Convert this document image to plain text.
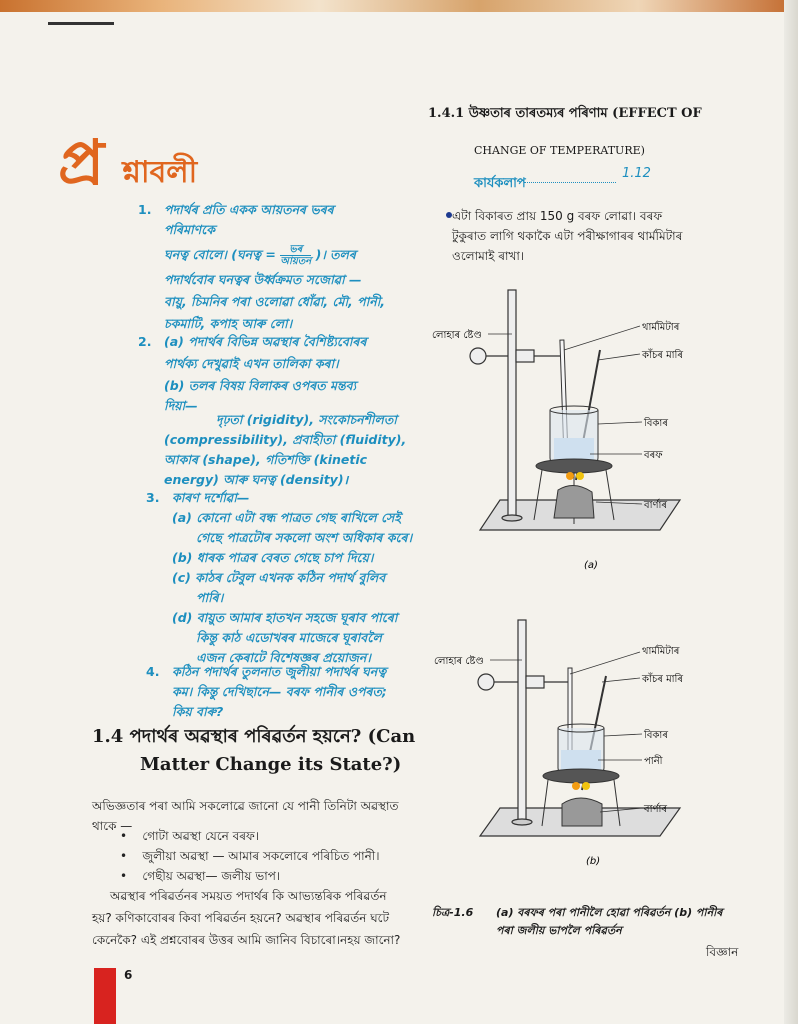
প্র শ্নাবলী
1. পদাৰ্থৰ প্ৰতি একক আয়তনৰ ভৰৰ
পৰিমাণকে
ঘনত্ব বোলে। (ঘনত্ব = $\frac{\text{ভৰ}}{\text{আয়তন}}$ )। তলৰ
পদাৰ্থবোৰ ঘনত্বৰ উৰ্ধ্বক্ৰমত সজোৱা —
বায়ু, চিমনিৰ পৰা ওলোৱা ধোঁৱা, মৌ, পানী,
চকমাটি, কপাহ আৰু লো।
2. (a) পদাৰ্থৰ বিভিন্ন অৱস্থাৰ বৈশিষ্ট্যবোৰৰ
পাৰ্থক্য দেখুৱাই এখন তালিকা কৰা।
(b) তলৰ বিষয় বিলাকৰ ওপৰত মন্তব্য
দিয়া—
দৃঢ়তা (rigidity), সংকোচনশীলতা
(compressibility), প্ৰবাহীতা (fluidity),
আকাৰ (shape), গতিশক্তি (kinetic
energy) আৰু ঘনত্ব (density)।
3. কাৰণ দৰ্শোৱা—
(a) কোনো এটা বন্ধ পাত্ৰত গেছ ৰাখিলে সেই
গেছে পাত্ৰটোৰ সকলো অংশ অধিকাৰ কৰে।
(b) ধাৰক পাত্ৰৰ বেৰত গেছে চাপ দিয়ে।
(c) কাঠৰ টেবুল এখনক কঠিন পদাৰ্থ বুলিব
পাৰি।
(d) বায়ুত আমাৰ হাতখন সহজে ঘূৰাব পাৰো
কিন্তু কাঠ এডোখৰৰ মাজেৰে ঘূৰাবলৈ
এজন কেৰাটে বিশেষজ্ঞৰ প্ৰয়োজন।
4. কঠিন পদাৰ্থৰ তুলনাত জুলীয়া পদাৰ্থৰ ঘনত্ব
কম। কিন্তু দেখিছানে— বৰফ পানীৰ ওপৰত;
কিয় বাৰু?
1.4 পদাৰ্থৰ অৱস্থাৰ পৰিৱৰ্তন হয়নে? (Can
Matter Change its State?)
অভিজ্ঞতাৰ পৰা আমি সকলোৱে জানো যে পানী তিনিটা অৱস্থাত
থাকে —
•    গোটা অৱস্থা যেনে বৰফ।
•    জুলীয়া অৱস্থা — আমাৰ সকলোৰে পৰিচিত পানী।
•    গেছীয় অৱস্থা— জলীয় ভাপ।
অৱস্থাৰ পৰিৱৰ্তনৰ সময়ত পদাৰ্থৰ কি আভ্যন্তৰিক পৰিৱৰ্তন
হয়? কণিকাবোৰৰ কিবা পৰিৱৰ্তন হয়নে? অৱস্থাৰ পৰিৱৰ্তন ঘটে
কেনেকৈ? এই প্ৰশ্নবোৰৰ উত্তৰ আমি জানিব বিচাৰো।নহয় জানো?
6
1.4.1 উষ্ণতাৰ তাৰতম্যৰ পৰিণাম (EFFECT OF
CHANGE OF TEMPERATURE)
কাৰ্যকলাপ
1.12
এটা বিকাৰত প্ৰায় 150 g বৰফ লোৱা। বৰফ
টুকুৰাত লাগি থকাকৈ এটা পৰীক্ষাগাৰৰ থাৰ্মমিটাৰ
ওলোমাই ৰাখা।
লোহাৰ ষ্টেণ্ড
থাৰ্মমিটাৰ
কাঁচৰ মাৰি
বিকাৰ
বৰফ
বাৰ্ণাৰ
(a)
লোহাৰ ষ্টেণ্ড
থাৰ্মমিটাৰ
কাঁচৰ মাৰি
বিকাৰ
পানী
বাৰ্ণাৰ
(b)
চিত্ৰ-1.6 (a) বৰফৰ পৰা পানীলৈ হোৱা পৰিৱৰ্তন (b) পানীৰ
পৰা জলীয় ভাপলৈ পৰিৱৰ্তন
বিজ্ঞান
